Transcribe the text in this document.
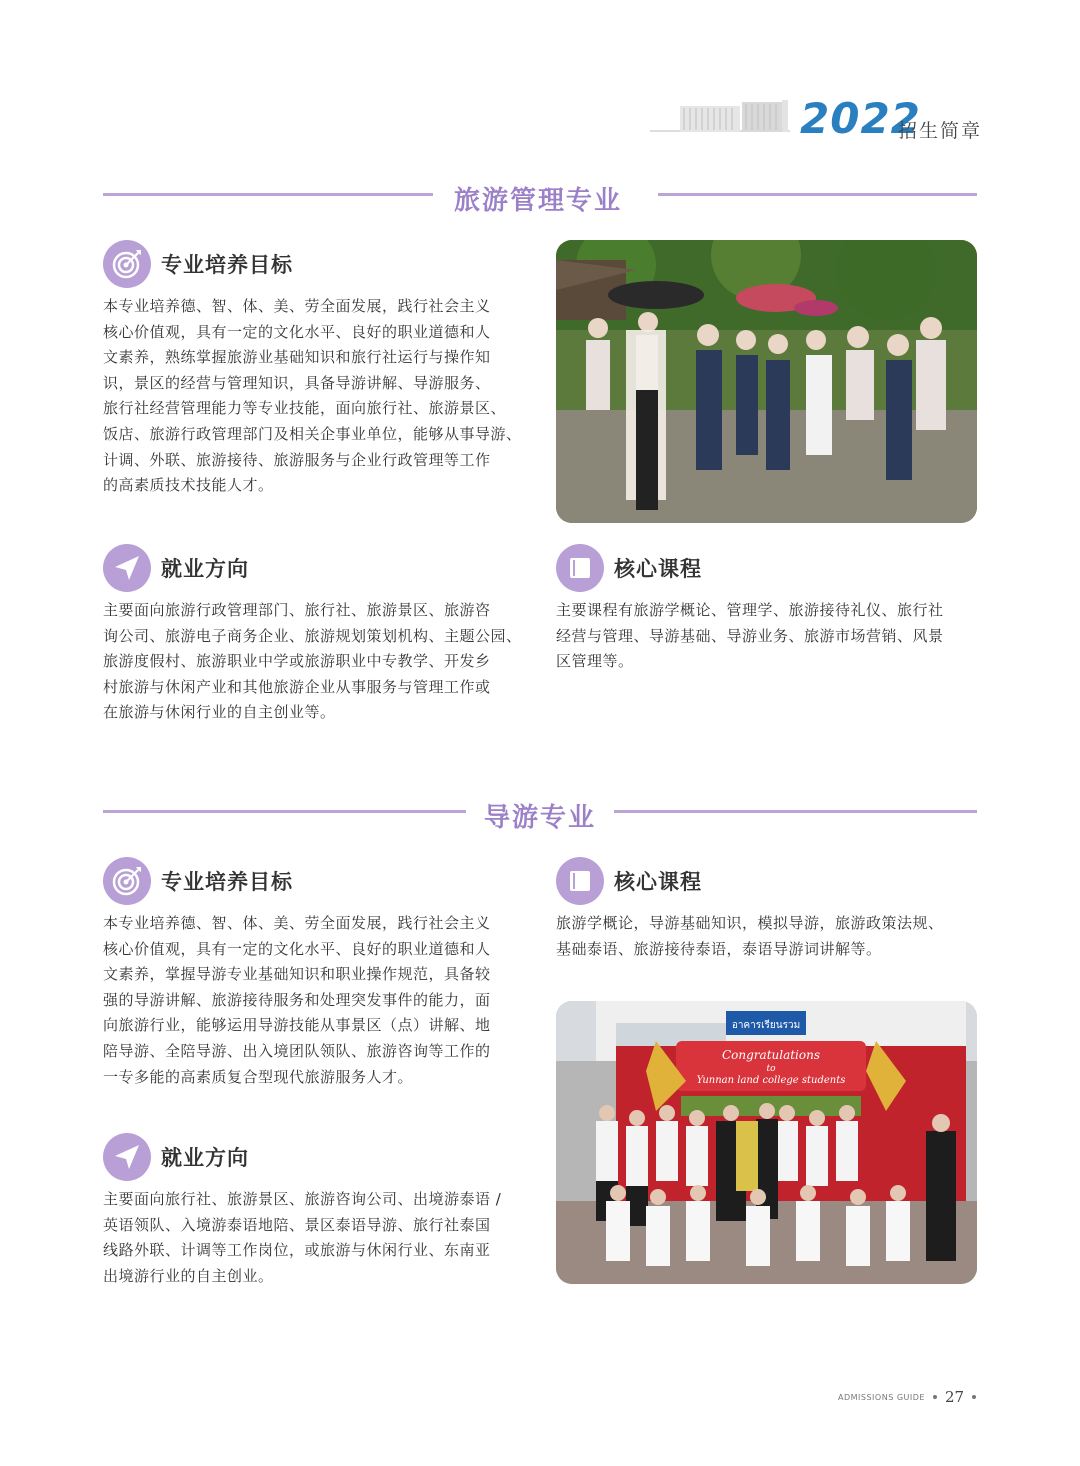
2022
招生简章
旅游管理专业
专业培养目标
本专业培养德、智、体、美、劳全面发展，践行社会主义
核心价值观，具有一定的文化水平、良好的职业道德和人
文素养，熟练掌握旅游业基础知识和旅行社运行与操作知
识，景区的经营与管理知识，具备导游讲解、导游服务、
旅行社经营管理能力等专业技能，面向旅行社、旅游景区、
饭店、旅游行政管理部门及相关企事业单位，能够从事导游、
计调、外联、旅游接待、旅游服务与企业行政管理等工作
的高素质技术技能人才。
就业方向
主要面向旅游行政管理部门、旅行社、旅游景区、旅游咨
询公司、旅游电子商务企业、旅游规划策划机构、主题公园、
旅游度假村、旅游职业中学或旅游职业中专教学、开发乡
村旅游与休闲产业和其他旅游企业从事服务与管理工作或
在旅游与休闲行业的自主创业等。
核心课程
主要课程有旅游学概论、管理学、旅游接待礼仪、旅行社
经营与管理、导游基础、导游业务、旅游市场营销、风景
区管理等。
导游专业
专业培养目标
本专业培养德、智、体、美、劳全面发展，践行社会主义
核心价值观，具有一定的文化水平、良好的职业道德和人
文素养，掌握导游专业基础知识和职业操作规范，具备较
强的导游讲解、旅游接待服务和处理突发事件的能力，面
向旅游行业，能够运用导游技能从事景区（点）讲解、地
陪导游、全陪导游、出入境团队领队、旅游咨询等工作的
一专多能的高素质复合型现代旅游服务人才。
核心课程
旅游学概论，导游基础知识，模拟导游，旅游政策法规、
基础泰语、旅游接待泰语，泰语导游词讲解等。
就业方向
主要面向旅行社、旅游景区、旅游咨询公司、出境游泰语 /
英语领队、入境游泰语地陪、景区泰语导游、旅行社泰国
线路外联、计调等工作岗位，或旅游与休闲行业、东南亚
出境游行业的自主创业。
อาคารเรียนรวม
Congratulations
to
Yunnan land college students
ADMISSIONS GUIDE 27
